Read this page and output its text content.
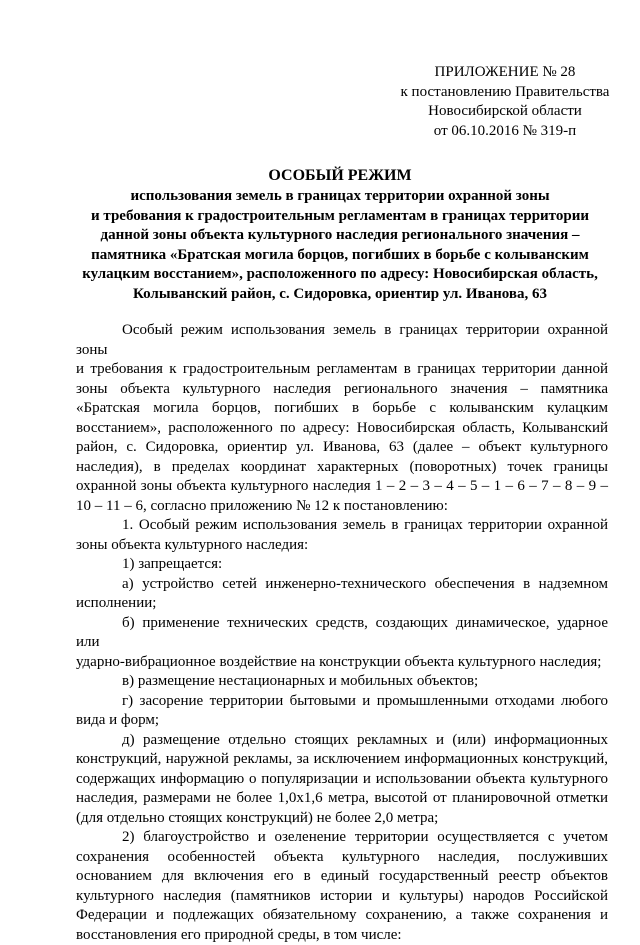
ПРИЛОЖЕНИЕ № 28
к постановлению Правительства
Новосибирской области
от 06.10.2016 № 319-п
ОСОБЫЙ РЕЖИМ
использования земель в границах территории охранной зоны
и требования к градостроительным регламентам в границах территории
данной зоны объекта культурного наследия регионального значения –
памятника «Братская могила борцов, погибших в борьбе с колыванским
кулацким восстанием», расположенного по адресу: Новосибирская область,
Колыванский район, с. Сидоровка, ориентир ул. Иванова, 63
Особый режим использования земель в границах территории охранной зоны
и требования к градостроительным регламентам в границах территории данной
зоны объекта культурного наследия регионального значения – памятника
«Братская могила борцов, погибших в борьбе с колыванским кулацким
восстанием», расположенного по адресу: Новосибирская область, Колыванский
район, с. Сидоровка, ориентир ул. Иванова, 63 (далее – объект культурного
наследия), в пределах координат характерных (поворотных) точек границы
охранной зоны объекта культурного наследия 1 – 2 – 3 – 4 – 5 – 1 – 6 – 7 – 8 – 9 –
10 – 11 – 6, согласно приложению № 12 к постановлению:
1. Особый режим использования земель в границах территории охранной
зоны объекта культурного наследия:
1) запрещается:
а) устройство сетей инженерно-технического обеспечения в надземном
исполнении;
б) применение технических средств, создающих динамическое, ударное или
ударно-вибрационное воздействие на конструкции объекта культурного наследия;
в) размещение нестационарных и мобильных объектов;
г) засорение территории бытовыми и промышленными отходами любого
вида и форм;
д) размещение отдельно стоящих рекламных и (или) информационных
конструкций, наружной рекламы, за исключением информационных конструкций,
содержащих информацию о популяризации и использовании объекта культурного
наследия, размерами не более 1,0х1,6 метра, высотой от планировочной отметки
(для отдельно стоящих конструкций) не более 2,0 метра;
2) благоустройство и озеленение территории осуществляется с учетом
сохранения особенностей объекта культурного наследия, послуживших
основанием для включения его в единый государственный реестр объектов
культурного наследия (памятников истории и культуры) народов Российской
Федерации и подлежащих обязательному сохранению, а также сохранения и
восстановления его природной среды, в том числе:
